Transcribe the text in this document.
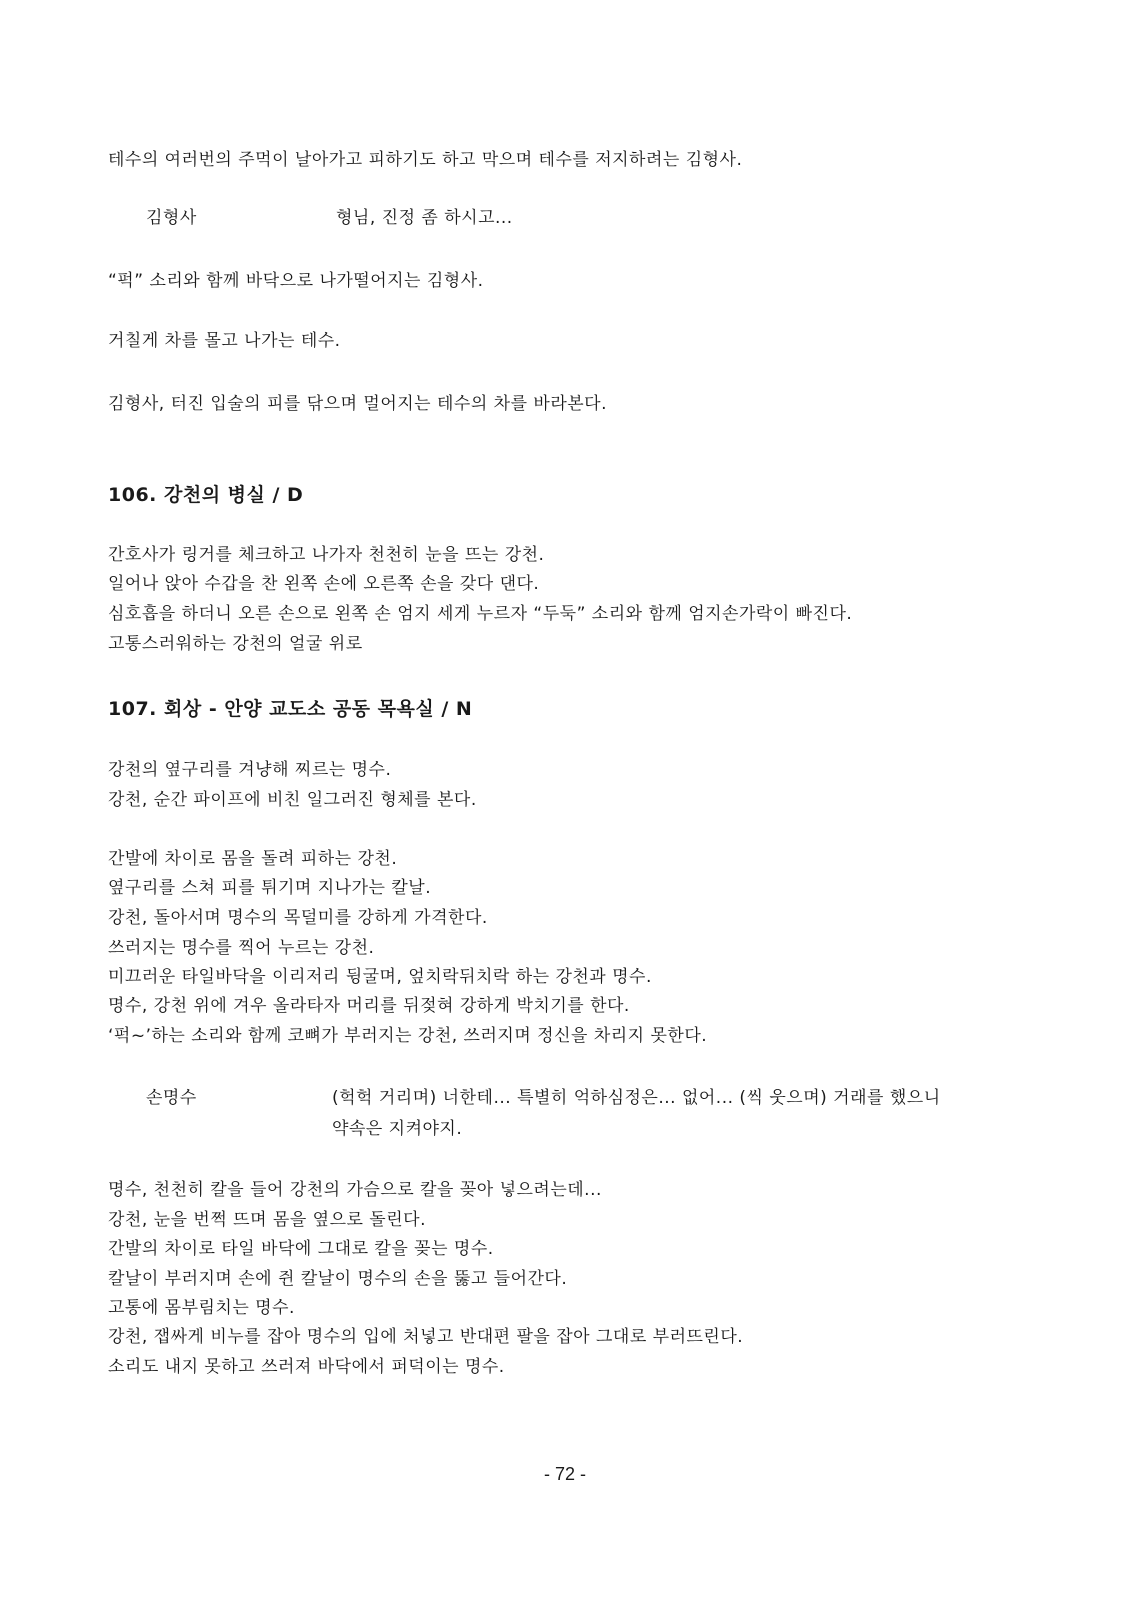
테수의 여러번의 주먹이 날아가고 피하기도 하고 막으며 테수를 저지하려는 김형사.
김형사	형님, 진정 좀 하시고...
“퍽” 소리와 함께 바닥으로 나가떨어지는 김형사.
거칠게 차를 몰고 나가는 테수.
김형사, 터진 입술의 피를 닦으며 멀어지는 테수의 차를 바라본다.
106. 강천의 병실 / D
간호사가 링거를 체크하고 나가자 천천히 눈을 뜨는 강천.
일어나 앉아 수갑을 찬 왼쪽 손에 오른쪽 손을 갖다 댄다.
심호흡을 하더니 오른 손으로 왼쪽 손 엄지 세게 누르자 “두둑” 소리와 함께 엄지손가락이 빠진다.
고통스러워하는 강천의 얼굴 위로
107. 회상 - 안양 교도소 공동 목욕실 / N
강천의 옆구리를 겨냥해 찌르는 명수.
강천, 순간 파이프에 비친 일그러진 형체를 본다.
간발에 차이로 몸을 돌려 피하는 강천.
옆구리를 스쳐 피를 튀기며 지나가는 칼날.
강천, 돌아서며 명수의 목덜미를 강하게 가격한다.
쓰러지는 명수를 찍어 누르는 강천.
미끄러운 타일바닥을 이리저리 뒹굴며, 엎치락뒤치락 하는 강천과 명수.
명수, 강천 위에 겨우 올라타자 머리를 뒤젖혀 강하게 박치기를 한다.
‘퍽~’하는 소리와 함께 코뼈가 부러지는 강천, 쓰러지며 정신을 차리지 못한다.
손명수	(헉헉 거리며) 너한테... 특별히 억하심정은... 없어... (씩 웃으며) 거래를 했으니
약속은 지켜야지.
명수, 천천히 칼을 들어 강천의 가슴으로 칼을 꽂아 넣으려는데...
강천, 눈을 번쩍 뜨며 몸을 옆으로 돌린다.
간발의 차이로 타일 바닥에 그대로 칼을 꽂는 명수.
칼날이 부러지며 손에 쥔 칼날이 명수의 손을 뚫고 들어간다.
고통에 몸부림치는 명수.
강천, 잽싸게 비누를 잡아 명수의 입에 처넣고 반대편 팔을 잡아 그대로 부러뜨린다.
소리도 내지 못하고 쓰러져 바닥에서 퍼덕이는 명수.
- 72 -
